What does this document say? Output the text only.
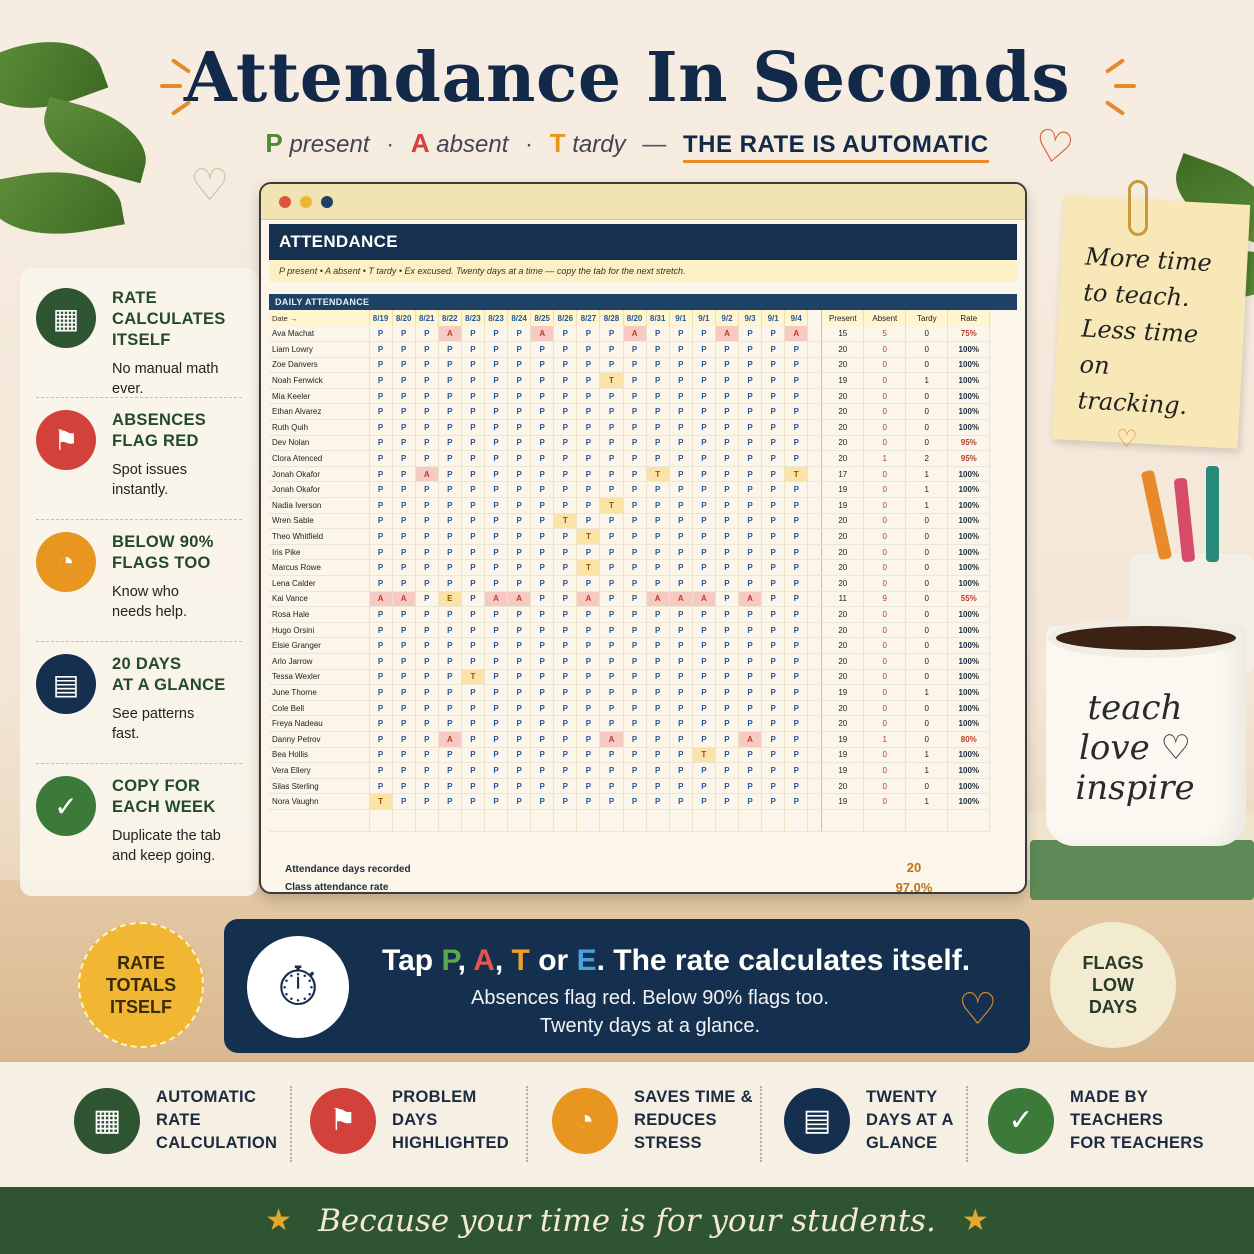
Attendance In Seconds
P present · A absent · T tardy — THE RATE IS AUTOMATIC ♡
♡
▦
RATE
CALCULATES
ITSELF
No manual math
ever.
⚑
ABSENCES
FLAG RED
Spot issues
instantly.
◔
BELOW 90%
FLAGS TOO
Know who
needs help.
▤
20 DAYS
AT A GLANCE
See patterns
fast.
✓
COPY FOR
EACH WEEK
Duplicate the tab
and keep going.
More time
to teach.
Less time
on tracking.
♡
teach
love ♡
inspire
ATTENDANCE
P present • A absent • T tardy • Ex excused. Twenty days at a time — copy the tab for the next stretch.
DAILY ATTENDANCE
Date →	8/19	8/20	8/21	8/22	8/23	8/23	8/24	8/25	8/26	8/27	8/28	8/20	8/31	9/1	9/1	9/2	9/3	9/1	9/4		Present	Absent	Tardy	Rate
Ava Machat	P	P	P	A	P	P	P	A	P	P	P	A	P	P	P	A	P	P	A		15	5	0	75%
Liam Lowry	P	P	P	P	P	P	P	P	P	P	P	P	P	P	P	P	P	P	P		20	0	0	100%
Zoe Danvers	P	P	P	P	P	P	P	P	P	P	P	P	P	P	P	P	P	P	P		20	0	0	100%
Noah Fenwick	P	P	P	P	P	P	P	P	P	P	T	P	P	P	P	P	P	P	P		19	0	1	100%
Mia Keeler	P	P	P	P	P	P	P	P	P	P	P	P	P	P	P	P	P	P	P		20	0	0	100%
Ethan Alvarez	P	P	P	P	P	P	P	P	P	P	P	P	P	P	P	P	P	P	P		20	0	0	100%
Ruth Quih	P	P	P	P	P	P	P	P	P	P	P	P	P	P	P	P	P	P	P		20	0	0	100%
Dev Nolan	P	P	P	P	P	P	P	P	P	P	P	P	P	P	P	P	P	P	P		20	0	0	95%
Clora Atenced	P	P	P	P	P	P	P	P	P	P	P	P	P	P	P	P	P	P	P		20	1	2	95%
Jonah Okafor	P	P	A	P	P	P	P	P	P	P	P	P	T	P	P	P	P	P	T		17	0	1	100%
Jonah Okafor	P	P	P	P	P	P	P	P	P	P	P	P	P	P	P	P	P	P	P		19	0	1	100%
Nadia Iverson	P	P	P	P	P	P	P	P	P	P	T	P	P	P	P	P	P	P	P		19	0	1	100%
Wren Sable	P	P	P	P	P	P	P	P	T	P	P	P	P	P	P	P	P	P	P		20	0	0	100%
Theo Whitfield	P	P	P	P	P	P	P	P	P	T	P	P	P	P	P	P	P	P	P		20	0	0	100%
Iris Pike	P	P	P	P	P	P	P	P	P	P	P	P	P	P	P	P	P	P	P		20	0	0	100%
Marcus Rowe	P	P	P	P	P	P	P	P	P	T	P	P	P	P	P	P	P	P	P		20	0	0	100%
Lena Calder	P	P	P	P	P	P	P	P	P	P	P	P	P	P	P	P	P	P	P		20	0	0	100%
Kai Vance	A	A	P	E	P	A	A	P	P	A	P	P	A	A	A	P	A	P	P		11	9	0	55%
Rosa Hale	P	P	P	P	P	P	P	P	P	P	P	P	P	P	P	P	P	P	P		20	0	0	100%
Hugo Orsini	P	P	P	P	P	P	P	P	P	P	P	P	P	P	P	P	P	P	P		20	0	0	100%
Elsie Granger	P	P	P	P	P	P	P	P	P	P	P	P	P	P	P	P	P	P	P		20	0	0	100%
Arlo Jarrow	P	P	P	P	P	P	P	P	P	P	P	P	P	P	P	P	P	P	P		20	0	0	100%
Tessa Wexler	P	P	P	P	T	P	P	P	P	P	P	P	P	P	P	P	P	P	P		20	0	0	100%
June Thorne	P	P	P	P	P	P	P	P	P	P	P	P	P	P	P	P	P	P	P		19	0	1	100%
Cole Bell	P	P	P	P	P	P	P	P	P	P	P	P	P	P	P	P	P	P	P		20	0	0	100%
Freya Nadeau	P	P	P	P	P	P	P	P	P	P	P	P	P	P	P	P	P	P	P		20	0	0	100%
Danny Petrov	P	P	P	A	P	P	P	P	P	P	A	P	P	P	P	P	A	P	P		19	1	0	80%
Bea Hollis	P	P	P	P	P	P	P	P	P	P	P	P	P	P	T	P	P	P	P		19	0	1	100%
Vera Ellery	P	P	P	P	P	P	P	P	P	P	P	P	P	P	P	P	P	P	P		19	0	1	100%
Silas Sterling	P	P	P	P	P	P	P	P	P	P	P	P	P	P	P	P	P	P	P		20	0	0	100%
Nora Vaughn	T	P	P	P	P	P	P	P	P	P	P	P	P	P	P	P	P	P	P		19	0	1	100%

Attendance days recorded	20
Class attendance rate	97.0%
RATE
TOTALS
ITSELF
FLAGS
LOW
DAYS
⏱	Tap P, A, T or E. The rate calculates itself.
Absences flag red. Below 90% flags too.
Twenty days at a glance.	♡
▦
AUTOMATIC
RATE
CALCULATION
⚑
PROBLEM
DAYS
HIGHLIGHTED
◔
SAVES TIME &
REDUCES
STRESS
▤
TWENTY
DAYS AT A
GLANCE
✓
MADE BY
TEACHERS
FOR TEACHERS
★ Because your time is for your students. ★
